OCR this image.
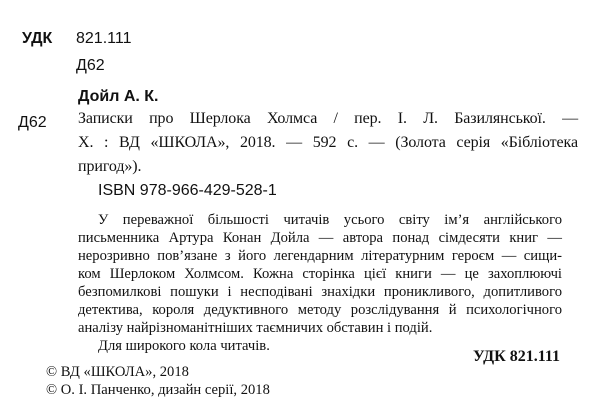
УДК 821.111
Д62
Дойл А. К.
Д62 Записки про Шерлока Холмса / пер. І. Л. Базилянської. —
Х. : ВД «ШКОЛА», 2018. — 592 с. — (Золота серія «Бібліотека
пригод»).
ISBN 978-966-429-528-1
У переважної більшості читачів усього світу ім’я англійського
письменника Артура Конан Дойла — автора понад сімдесяти книг —
нерозривно пов’язане з його легендарним літературним героєм — сищи-
ком Шерлоком Холмсом. Кожна сторінка цієї книги — це захоплюючі
безпомилкові пошуки і несподівані знахідки проникливого, допитливого
детектива, короля дедуктивного методу розслідування й психологічного
аналізу найрізноманітніших таємничих обставин і подій.
Для широкого кола читачів.
УДК 821.111
© ВД «ШКОЛА», 2018
© О. І. Панченко, дизайн серії, 2018
